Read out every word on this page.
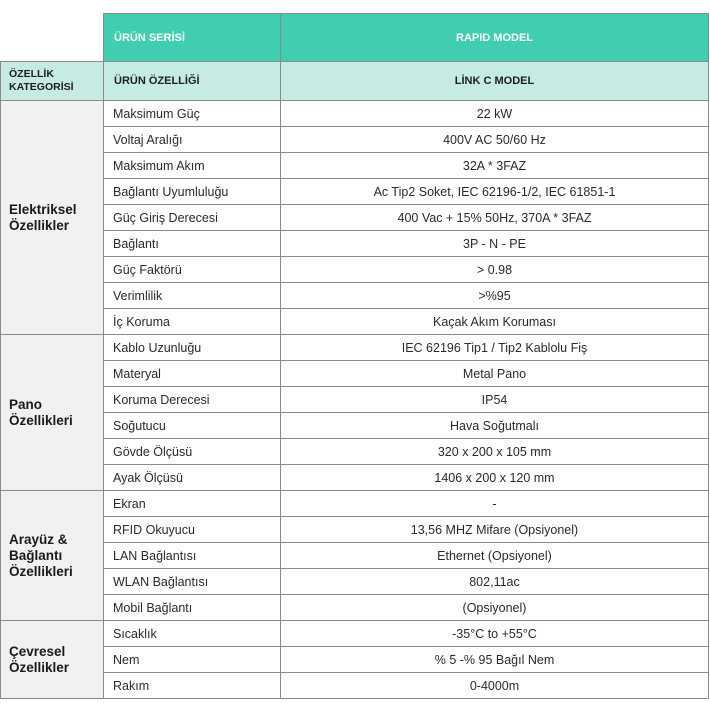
	ÜRÜN SERİSİ	RAPID MODEL
ÖZELLİK
KATEGORİSİ	ÜRÜN ÖZELLİĞİ	LİNK C MODEL
Elektriksel
Özellikler	Maksimum Güç	22 kW
	Voltaj Aralığı	400V AC 50/60 Hz
	Maksimum Akım	32A * 3FAZ
	Bağlantı Uyumluluğu	Ac Tip2 Soket, IEC 62196-1/2, IEC 61851-1
	Güç Giriş Derecesi	400 Vac + 15% 50Hz, 370A * 3FAZ
	Bağlantı	3P - N - PE
	Güç Faktörü	> 0.98
	Verimlilik	>%95
	İç Koruma	Kaçak Akım Koruması
Pano
Özellikleri	Kablo Uzunluğu	IEC 62196 Tip1 / Tip2 Kablolu Fiş
	Materyal	Metal Pano
	Koruma Derecesi	IP54
	Soğutucu	Hava Soğutmalı
	Gövde Ölçüsü	320 x 200 x 105 mm
	Ayak Ölçüsü	1406 x 200 x 120 mm
Arayüz &
Bağlantı
Özellikleri	Ekran	-
	RFID Okuyucu	13,56 MHZ Mifare (Opsiyonel)
	LAN Bağlantısı	Ethernet (Opsiyonel)
	WLAN Bağlantısı	802,11ac
	Mobil Bağlantı	(Opsiyonel)
Çevresel
Özellikler	Sıcaklık	-35°C to +55°C
	Nem	% 5 -% 95 Bağıl Nem
	Rakım	0-4000m
